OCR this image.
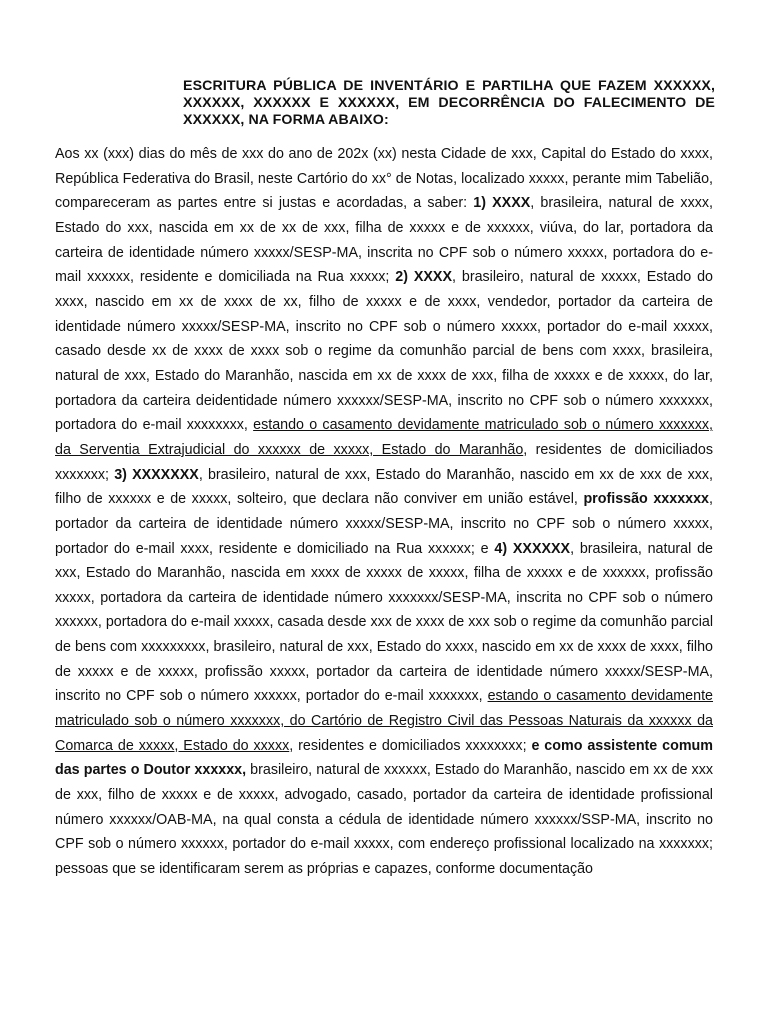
ESCRITURA PÚBLICA DE INVENTÁRIO E PARTILHA QUE FAZEM XXXXXX, XXXXXX, XXXXXX E XXXXXX, EM DECORRÊNCIA DO FALECIMENTO DE XXXXXX, NA FORMA ABAIXO:
Aos xx (xxx) dias do mês de xxx do ano de 202x (xx) nesta Cidade de xxx, Capital do Estado do xxxx, República Federativa do Brasil, neste Cartório do xx° de Notas, localizado xxxxx, perante mim Tabelião, compareceram as partes entre si justas e acordadas, a saber: 1) XXXX, brasileira, natural de xxxx, Estado do xxx, nascida em xx de xx de xxx, filha de xxxxx e de xxxxxx, viúva, do lar, portadora da carteira de identidade número xxxxx/SESP-MA, inscrita no CPF sob o número xxxxx, portadora do e-mail xxxxxx, residente e domiciliada na Rua xxxxx; 2) XXXX, brasileiro, natural de xxxxx, Estado do xxxx, nascido em xx de xxxx de xx, filho de xxxxx e de xxxx, vendedor, portador da carteira de identidade número xxxxx/SESP-MA, inscrito no CPF sob o número xxxxx, portador do e-mail xxxxx, casado desde xx de xxxx de xxxx sob o regime da comunhão parcial de bens com xxxx, brasileira, natural de xxx, Estado do Maranhão, nascida em xx de xxxx de xxx, filha de xxxxx e de xxxxx, do lar, portadora da carteira deidentidade número xxxxxx/SESP-MA, inscrito no CPF sob o número xxxxxxx, portadora do e-mail xxxxxxxx, estando o casamento devidamente matriculado sob o número xxxxxxx, da Serventia Extrajudicial do xxxxxx de xxxxx, Estado do Maranhão, residentes de domiciliados xxxxxxx; 3) XXXXXXX, brasileiro, natural de xxx, Estado do Maranhão, nascido em xx de xxx de xxx, filho de xxxxxx e de xxxxx, solteiro, que declara não conviver em união estável, profissão xxxxxxx, portador da carteira de identidade número xxxxx/SESP-MA, inscrito no CPF sob o número xxxxx, portador do e-mail xxxx, residente e domiciliado na Rua xxxxxx; e 4) XXXXXX, brasileira, natural de xxx, Estado do Maranhão, nascida em xxxx de xxxxx de xxxxx, filha de xxxxx e de xxxxxx, profissão xxxxx, portadora da carteira de identidade número xxxxxxx/SESP-MA, inscrita no CPF sob o número xxxxxx, portadora do e-mail xxxxx, casada desde xxx de xxxx de xxx sob o regime da comunhão parcial de bens com xxxxxxxxx, brasileiro, natural de xxx, Estado do xxxx, nascido em xx de xxxx de xxxx, filho de xxxxx e de xxxxx, profissão xxxxx, portador da carteira de identidade número xxxxx/SESP-MA, inscrito no CPF sob o número xxxxxx, portador do e-mail xxxxxxx, estando o casamento devidamente matriculado sob o número xxxxxxx, do Cartório de Registro Civil das Pessoas Naturais da xxxxxx da Comarca de xxxxx, Estado do xxxxx, residentes e domiciliados xxxxxxxx; e como assistente comum das partes o Doutor xxxxxx, brasileiro, natural de xxxxxx, Estado do Maranhão, nascido em xx de xxx de xxx, filho de xxxxx e de xxxxx, advogado, casado, portador da carteira de identidade profissional número xxxxxx/OAB-MA, na qual consta a cédula de identidade número xxxxxx/SSP-MA, inscrito no CPF sob o número xxxxxx, portador do e-mail xxxxx, com endereço profissional localizado na xxxxxxx; pessoas que se identificaram serem as próprias e capazes, conforme documentação
